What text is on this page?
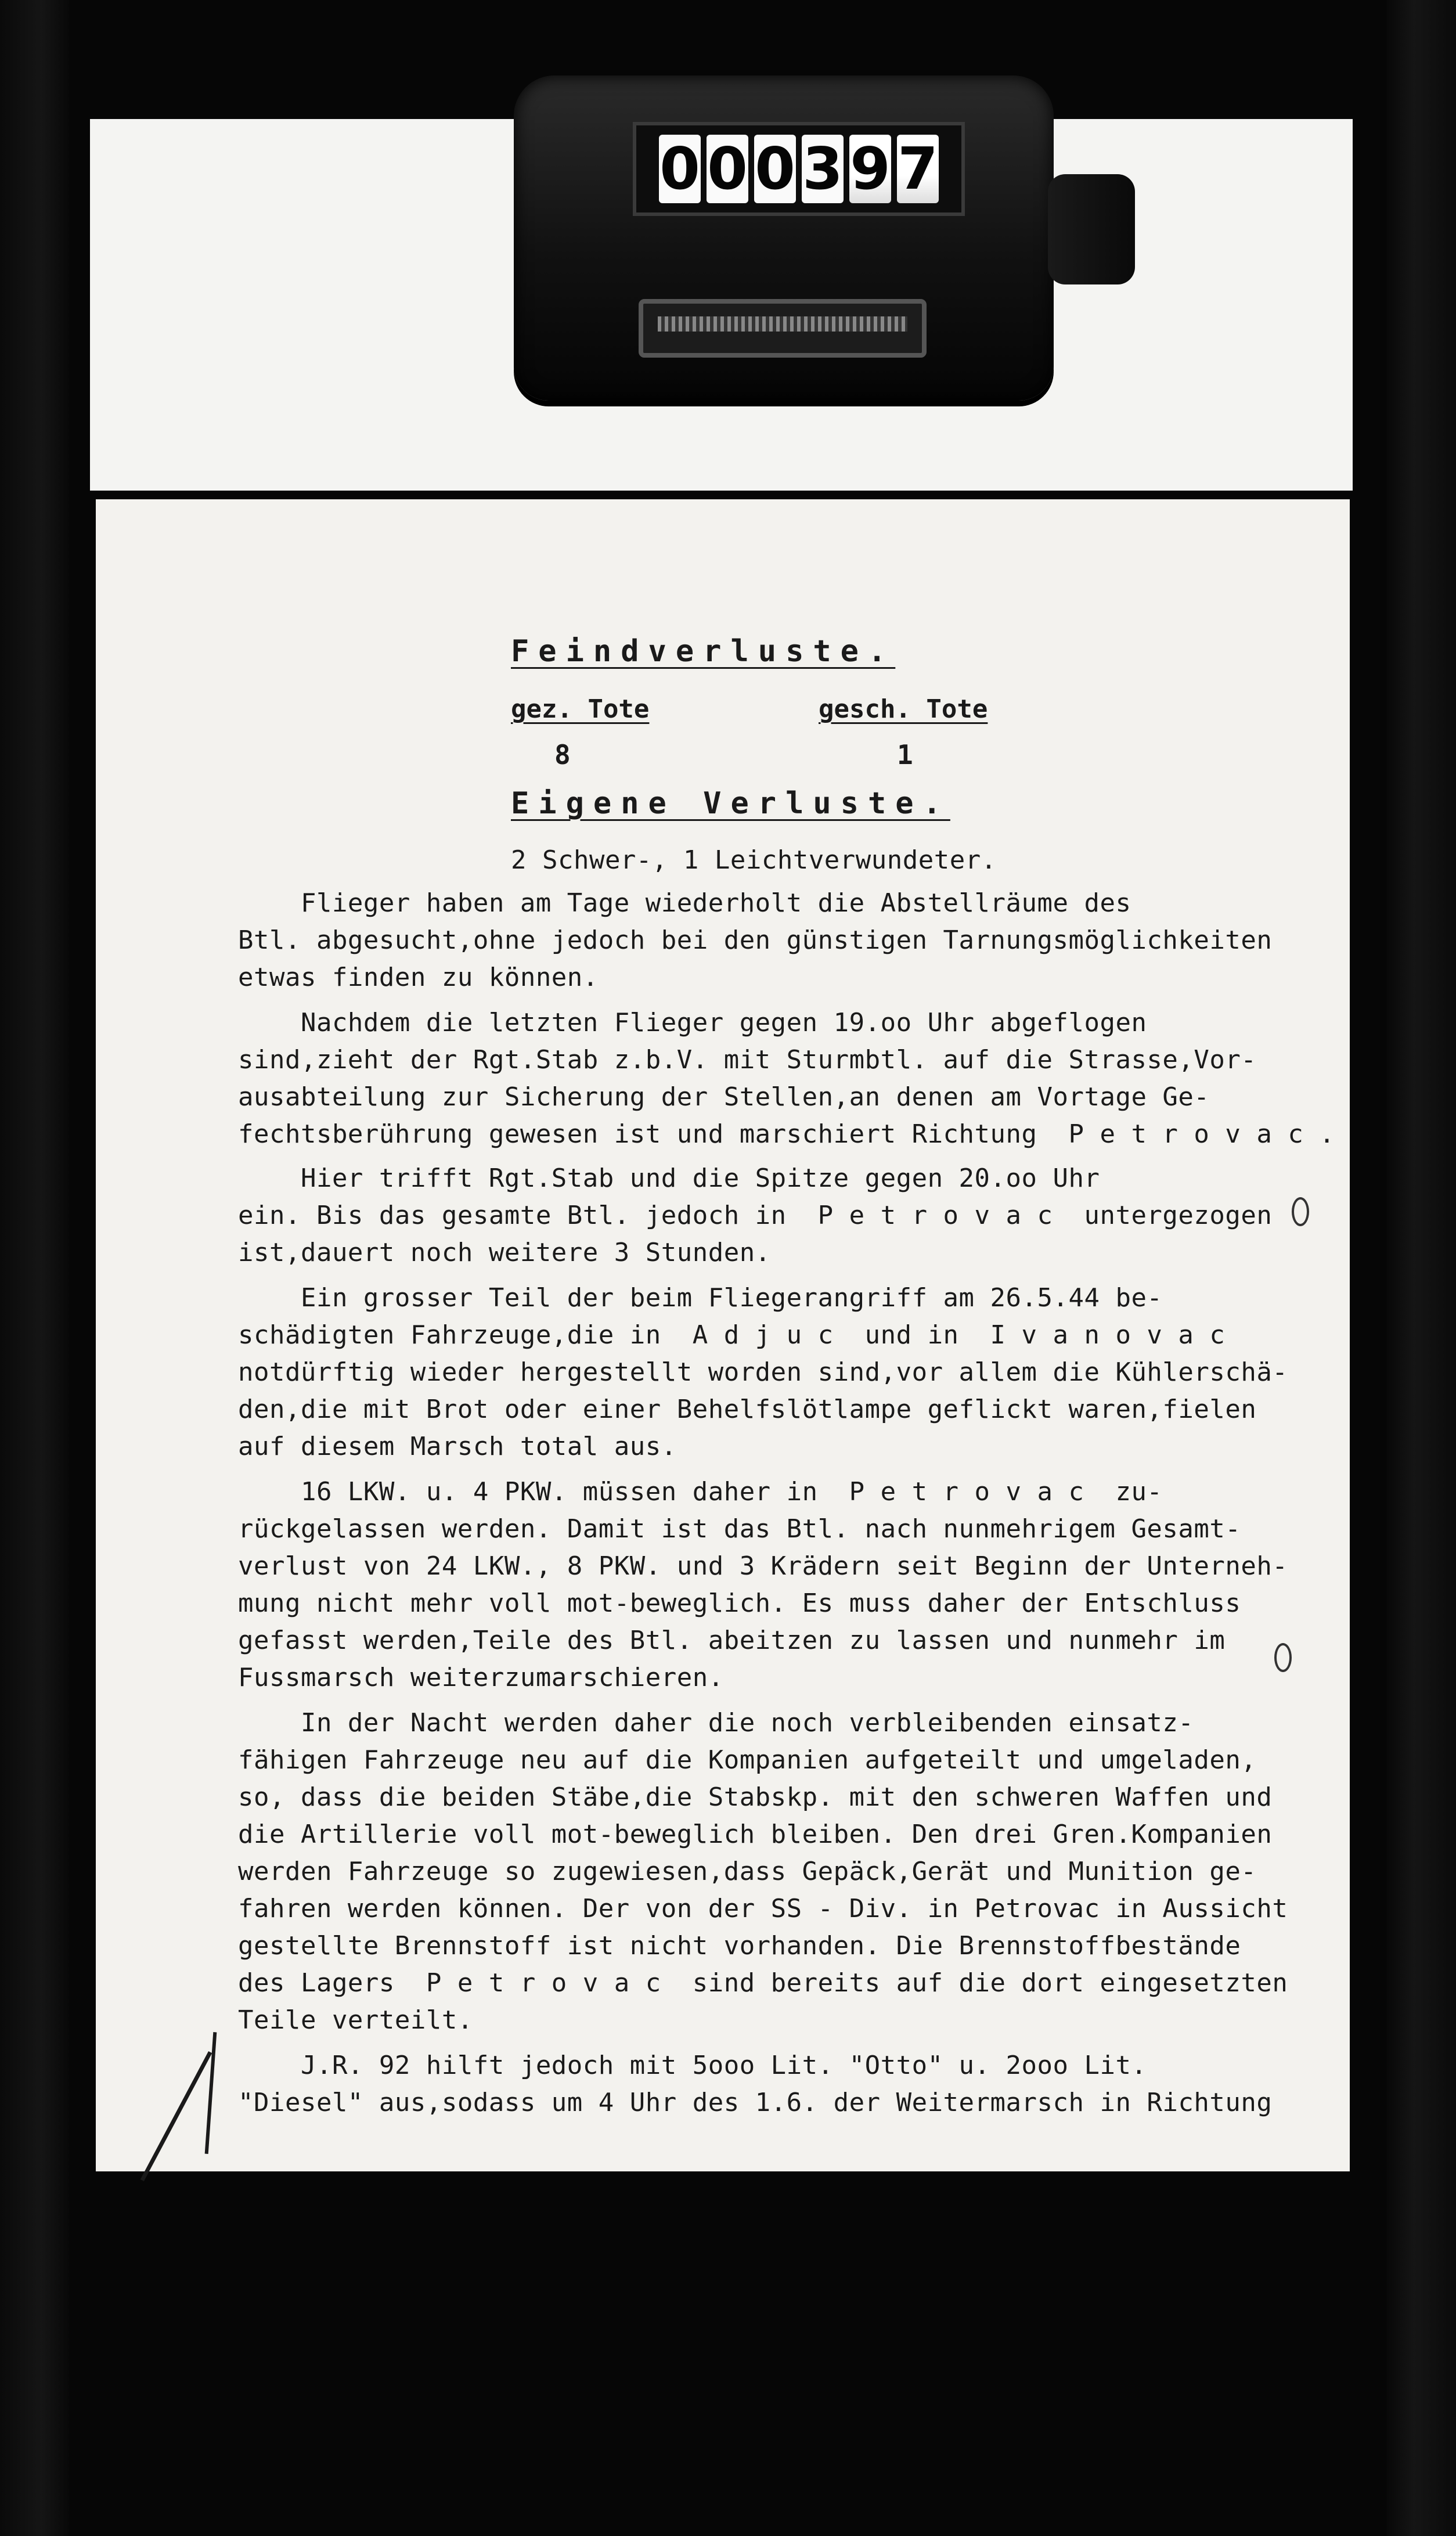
0 0 0 3 9 7
Feindverluste.
gez. Tote	gesch. Tote
8	1
Eigene Verluste.
2 Schwer-, 1 Leichtverwundeter.
Flieger haben am Tage wiederholt die Abstellräume des
Btl. abgesucht,ohne jedoch bei den günstigen Tarnungsmöglichkeiten
etwas finden zu können.
Nachdem die letzten Flieger gegen 19.oo Uhr abgeflogen
sind,zieht der Rgt.Stab z.b.V. mit Sturmbtl. auf die Strasse,Vor-
ausabteilung zur Sicherung der Stellen,an denen am Vortage Ge-
fechtsberührung gewesen ist und marschiert Richtung  P e t r o v a c .
Hier trifft Rgt.Stab und die Spitze gegen 20.oo Uhr
ein. Bis das gesamte Btl. jedoch in  P e t r o v a c  untergezogen
ist,dauert noch weitere 3 Stunden.
Ein grosser Teil der beim Fliegerangriff am 26.5.44 be-
schädigten Fahrzeuge,die in  A d j u c  und in  I v a n o v a c
notdürftig wieder hergestellt worden sind,vor allem die Kühlerschä-
den,die mit Brot oder einer Behelfslötlampe geflickt waren,fielen
auf diesem Marsch total aus.
16 LKW. u. 4 PKW. müssen daher in  P e t r o v a c  zu-
rückgelassen werden. Damit ist das Btl. nach nunmehrigem Gesamt-
verlust von 24 LKW., 8 PKW. und 3 Krädern seit Beginn der Unterneh-
mung nicht mehr voll mot-beweglich. Es muss daher der Entschluss
gefasst werden,Teile des Btl. abeitzen zu lassen und nunmehr im
Fussmarsch weiterzumarschieren.
In der Nacht werden daher die noch verbleibenden einsatz-
fähigen Fahrzeuge neu auf die Kompanien aufgeteilt und umgeladen,
so, dass die beiden Stäbe,die Stabskp. mit den schweren Waffen und
die Artillerie voll mot-beweglich bleiben. Den drei Gren.Kompanien
werden Fahrzeuge so zugewiesen,dass Gepäck,Gerät und Munition ge-
fahren werden können. Der von der SS - Div. in Petrovac in Aussicht
gestellte Brennstoff ist nicht vorhanden. Die Brennstoffbestände
des Lagers  P e t r o v a c  sind bereits auf die dort eingesetzten
Teile verteilt.
J.R. 92 hilft jedoch mit 5ooo Lit. "Otto" u. 2ooo Lit.
"Diesel" aus,sodass um 4 Uhr des 1.6. der Weitermarsch in Richtung
